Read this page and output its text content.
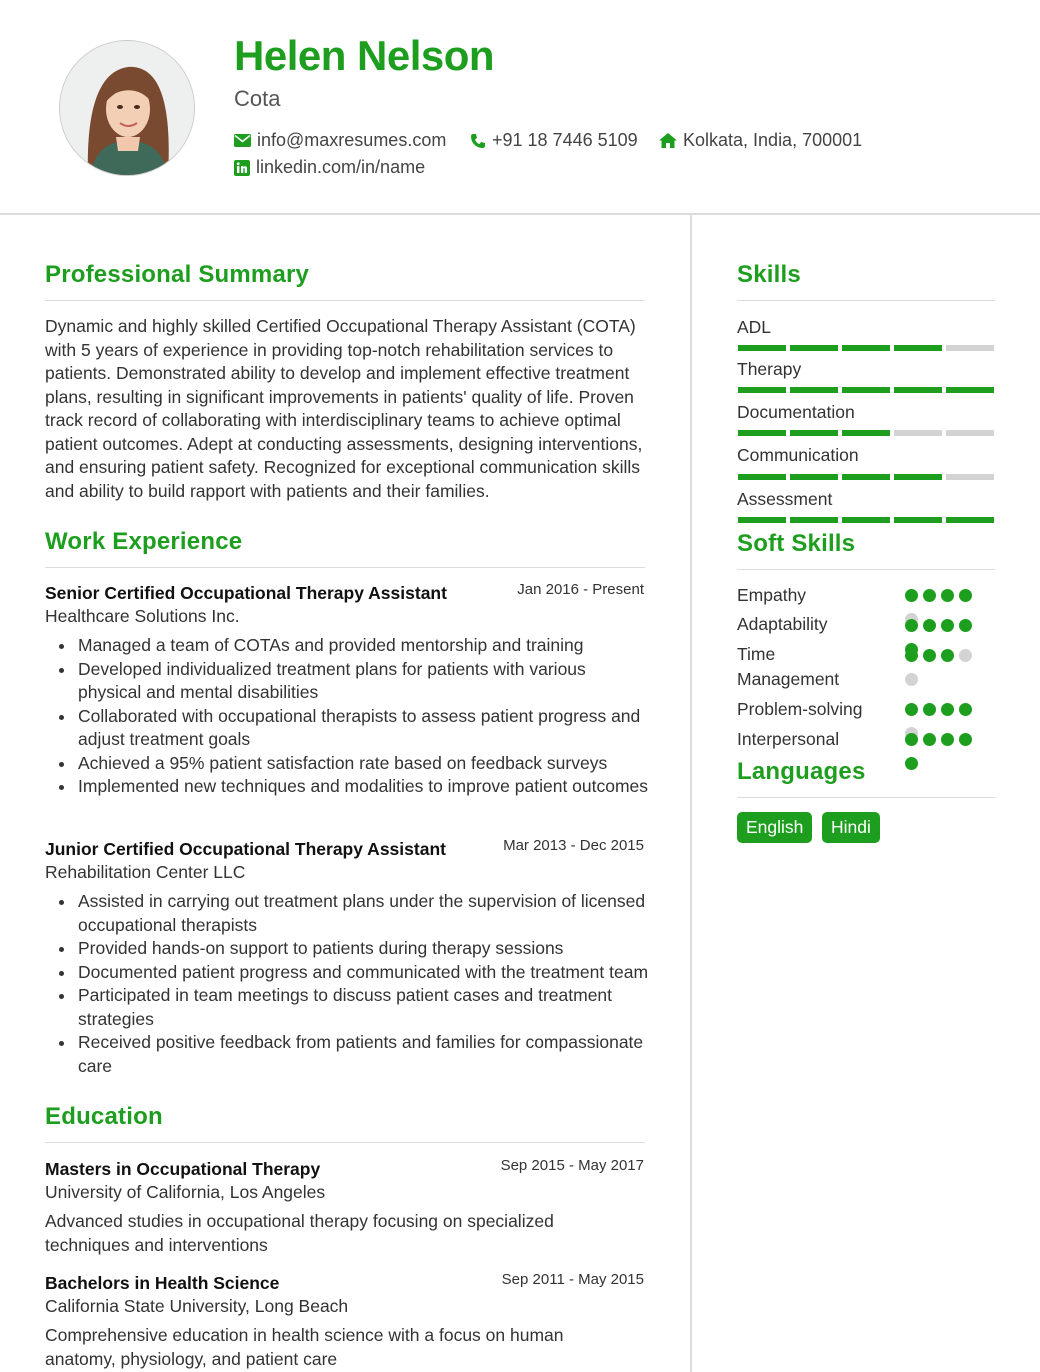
Helen Nelson
Cota
info@maxresumes.com	+91 18 7446 5109	Kolkata, India, 700001
linkedin.com/in/name
Professional Summary
Dynamic and highly skilled Certified Occupational Therapy Assistant (COTA) with 5 years of experience in providing top-notch rehabilitation services to patients. Demonstrated ability to develop and implement effective treatment plans, resulting in significant improvements in patients' quality of life. Proven track record of collaborating with interdisciplinary teams to achieve optimal patient outcomes. Adept at conducting assessments, designing interventions, and ensuring patient safety. Recognized for exceptional communication skills and ability to build rapport with patients and their families.
Work Experience
Senior Certified Occupational Therapy Assistant	Jan 2016 - Present
Healthcare Solutions Inc.
Managed a team of COTAs and provided mentorship and training
Developed individualized treatment plans for patients with various physical and mental disabilities
Collaborated with occupational therapists to assess patient progress and adjust treatment goals
Achieved a 95% patient satisfaction rate based on feedback surveys
Implemented new techniques and modalities to improve patient outcomes
Junior Certified Occupational Therapy Assistant	Mar 2013 - Dec 2015
Rehabilitation Center LLC
Assisted in carrying out treatment plans under the supervision of licensed occupational therapists
Provided hands-on support to patients during therapy sessions
Documented patient progress and communicated with the treatment team
Participated in team meetings to discuss patient cases and treatment strategies
Received positive feedback from patients and families for compassionate care
Education
Masters in Occupational Therapy	Sep 2015 - May 2017
University of California, Los Angeles
Advanced studies in occupational therapy focusing on specialized techniques and interventions
Bachelors in Health Science	Sep 2011 - May 2015
California State University, Long Beach
Comprehensive education in health science with a focus on human anatomy, physiology, and patient care
Skills
ADL
Therapy
Documentation
Communication
Assessment
Soft Skills
Empathy
Adaptability
Time Management
Problem-solving
Interpersonal
Languages
English	Hindi
